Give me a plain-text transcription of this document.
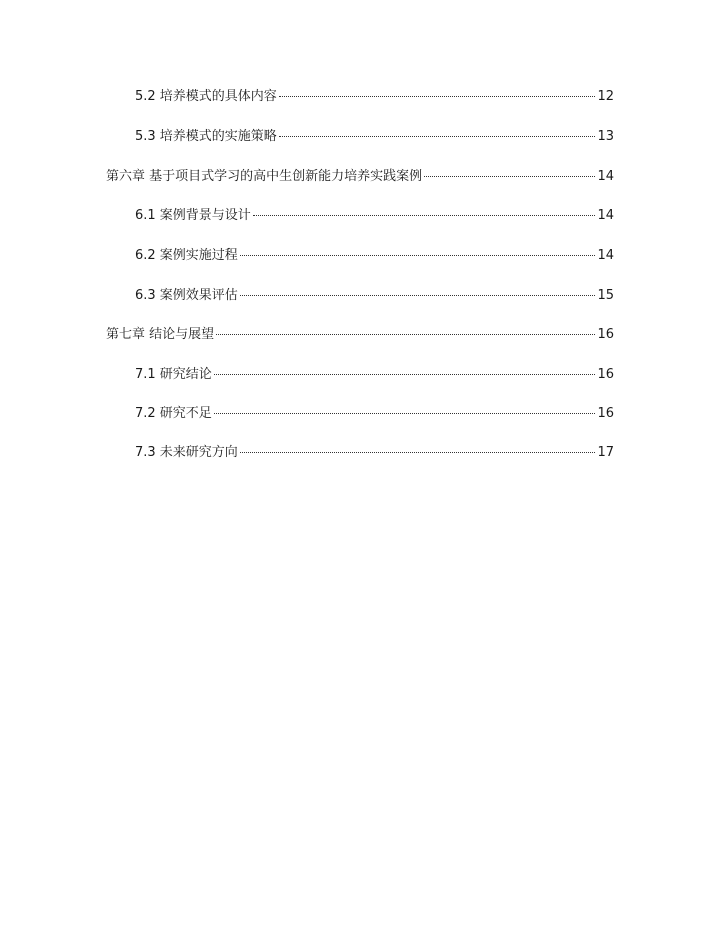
5.2 培养模式的具体内容	12
5.3 培养模式的实施策略	13
第六章 基于项目式学习的高中生创新能力培养实践案例	14
6.1 案例背景与设计	14
6.2 案例实施过程	14
6.3 案例效果评估	15
第七章 结论与展望	16
7.1 研究结论	16
7.2 研究不足	16
7.3 未来研究方向	17
